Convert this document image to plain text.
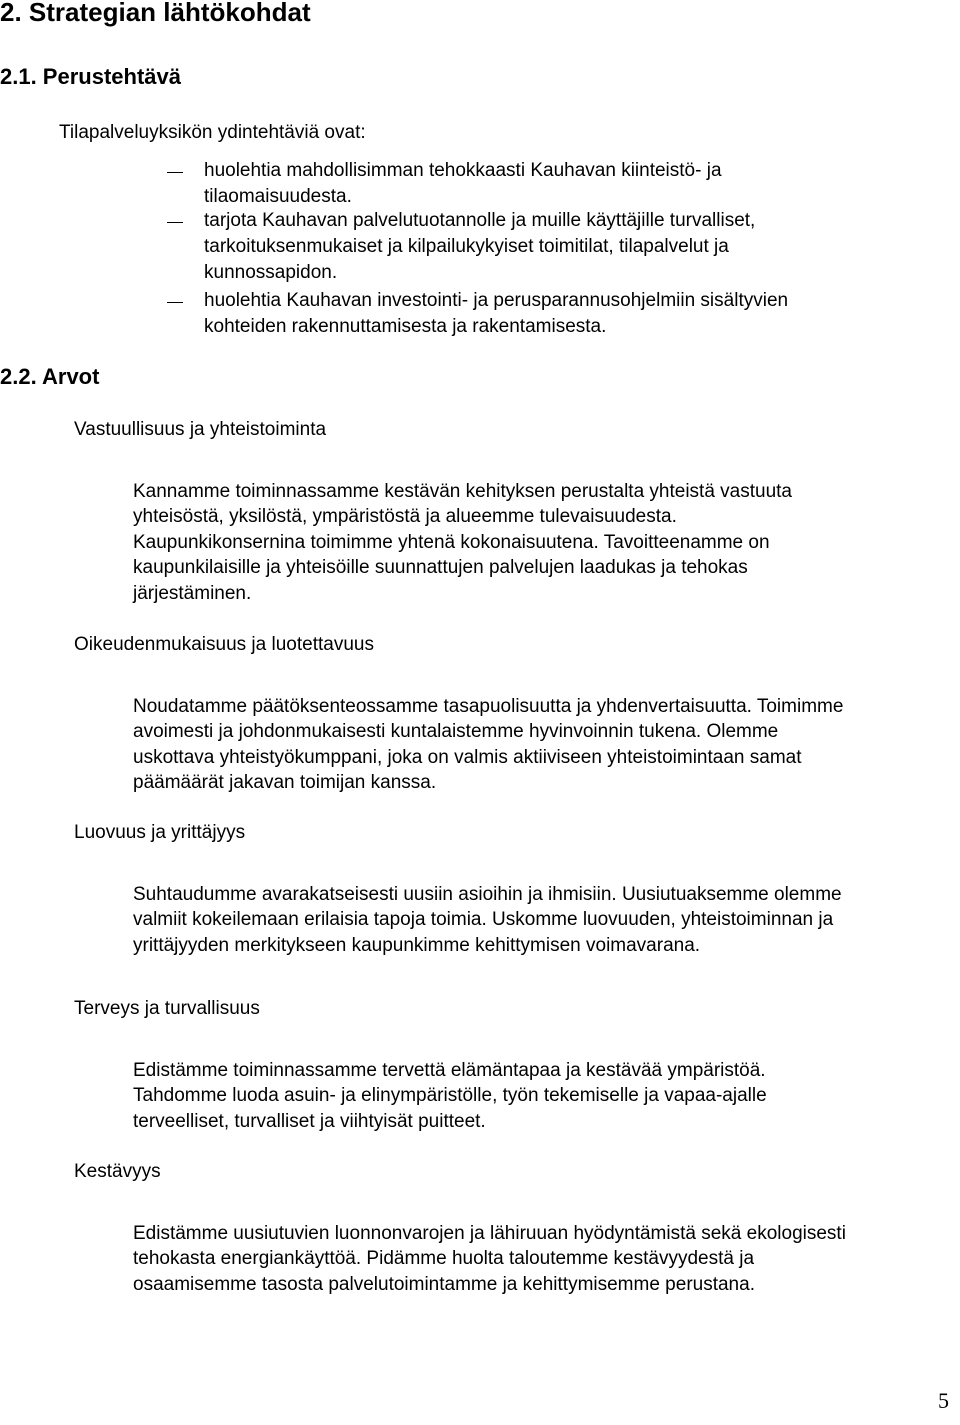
2. Strategian lähtökohdat
2.1. Perustehtävä
Tilapalveluyksikön ydintehtäviä ovat:
huolehtia mahdollisimman tehokkaasti Kauhavan kiinteistö- ja
tilaomaisuudesta.
tarjota Kauhavan palvelutuotannolle ja muille käyttäjille turvalliset,
tarkoituksenmukaiset ja kilpailukykyiset toimitilat, tilapalvelut ja
kunnossapidon.
huolehtia Kauhavan investointi- ja perusparannusohjelmiin sisältyvien
kohteiden rakennuttamisesta ja rakentamisesta.
2.2. Arvot
Vastuullisuus ja yhteistoiminta
Kannamme toiminnassamme kestävän kehityksen perustalta yhteistä vastuuta
yhteisöstä, yksilöstä, ympäristöstä ja alueemme tulevaisuudesta.
Kaupunkikonsernina toimimme yhtenä kokonaisuutena. Tavoitteenamme on
kaupunkilaisille ja yhteisöille suunnattujen palvelujen laadukas ja tehokas
järjestäminen.
Oikeudenmukaisuus ja luotettavuus
Noudatamme päätöksenteossamme tasapuolisuutta ja yhdenvertaisuutta. Toimimme
avoimesti ja johdonmukaisesti kuntalaistemme hyvinvoinnin tukena. Olemme
uskottava yhteistyökumppani, joka on valmis aktiiviseen yhteistoimintaan samat
päämäärät jakavan toimijan kanssa.
Luovuus ja yrittäjyys
Suhtaudumme avarakatseisesti uusiin asioihin ja ihmisiin. Uusiutuaksemme olemme
valmiit kokeilemaan erilaisia tapoja toimia. Uskomme luovuuden, yhteistoiminnan ja
yrittäjyyden merkitykseen kaupunkimme kehittymisen voimavarana.
Terveys ja turvallisuus
Edistämme toiminnassamme tervettä elämäntapaa ja kestävää ympäristöä.
Tahdomme luoda asuin- ja elinympäristölle, työn tekemiselle ja vapaa-ajalle
terveelliset, turvalliset ja viihtyisät puitteet.
Kestävyys
Edistämme uusiutuvien luonnonvarojen ja lähiruuan hyödyntämistä sekä ekologisesti
tehokasta energiankäyttöä. Pidämme huolta taloutemme kestävyydestä ja
osaamisemme tasosta palvelutoimintamme ja kehittymisemme perustana.
5
